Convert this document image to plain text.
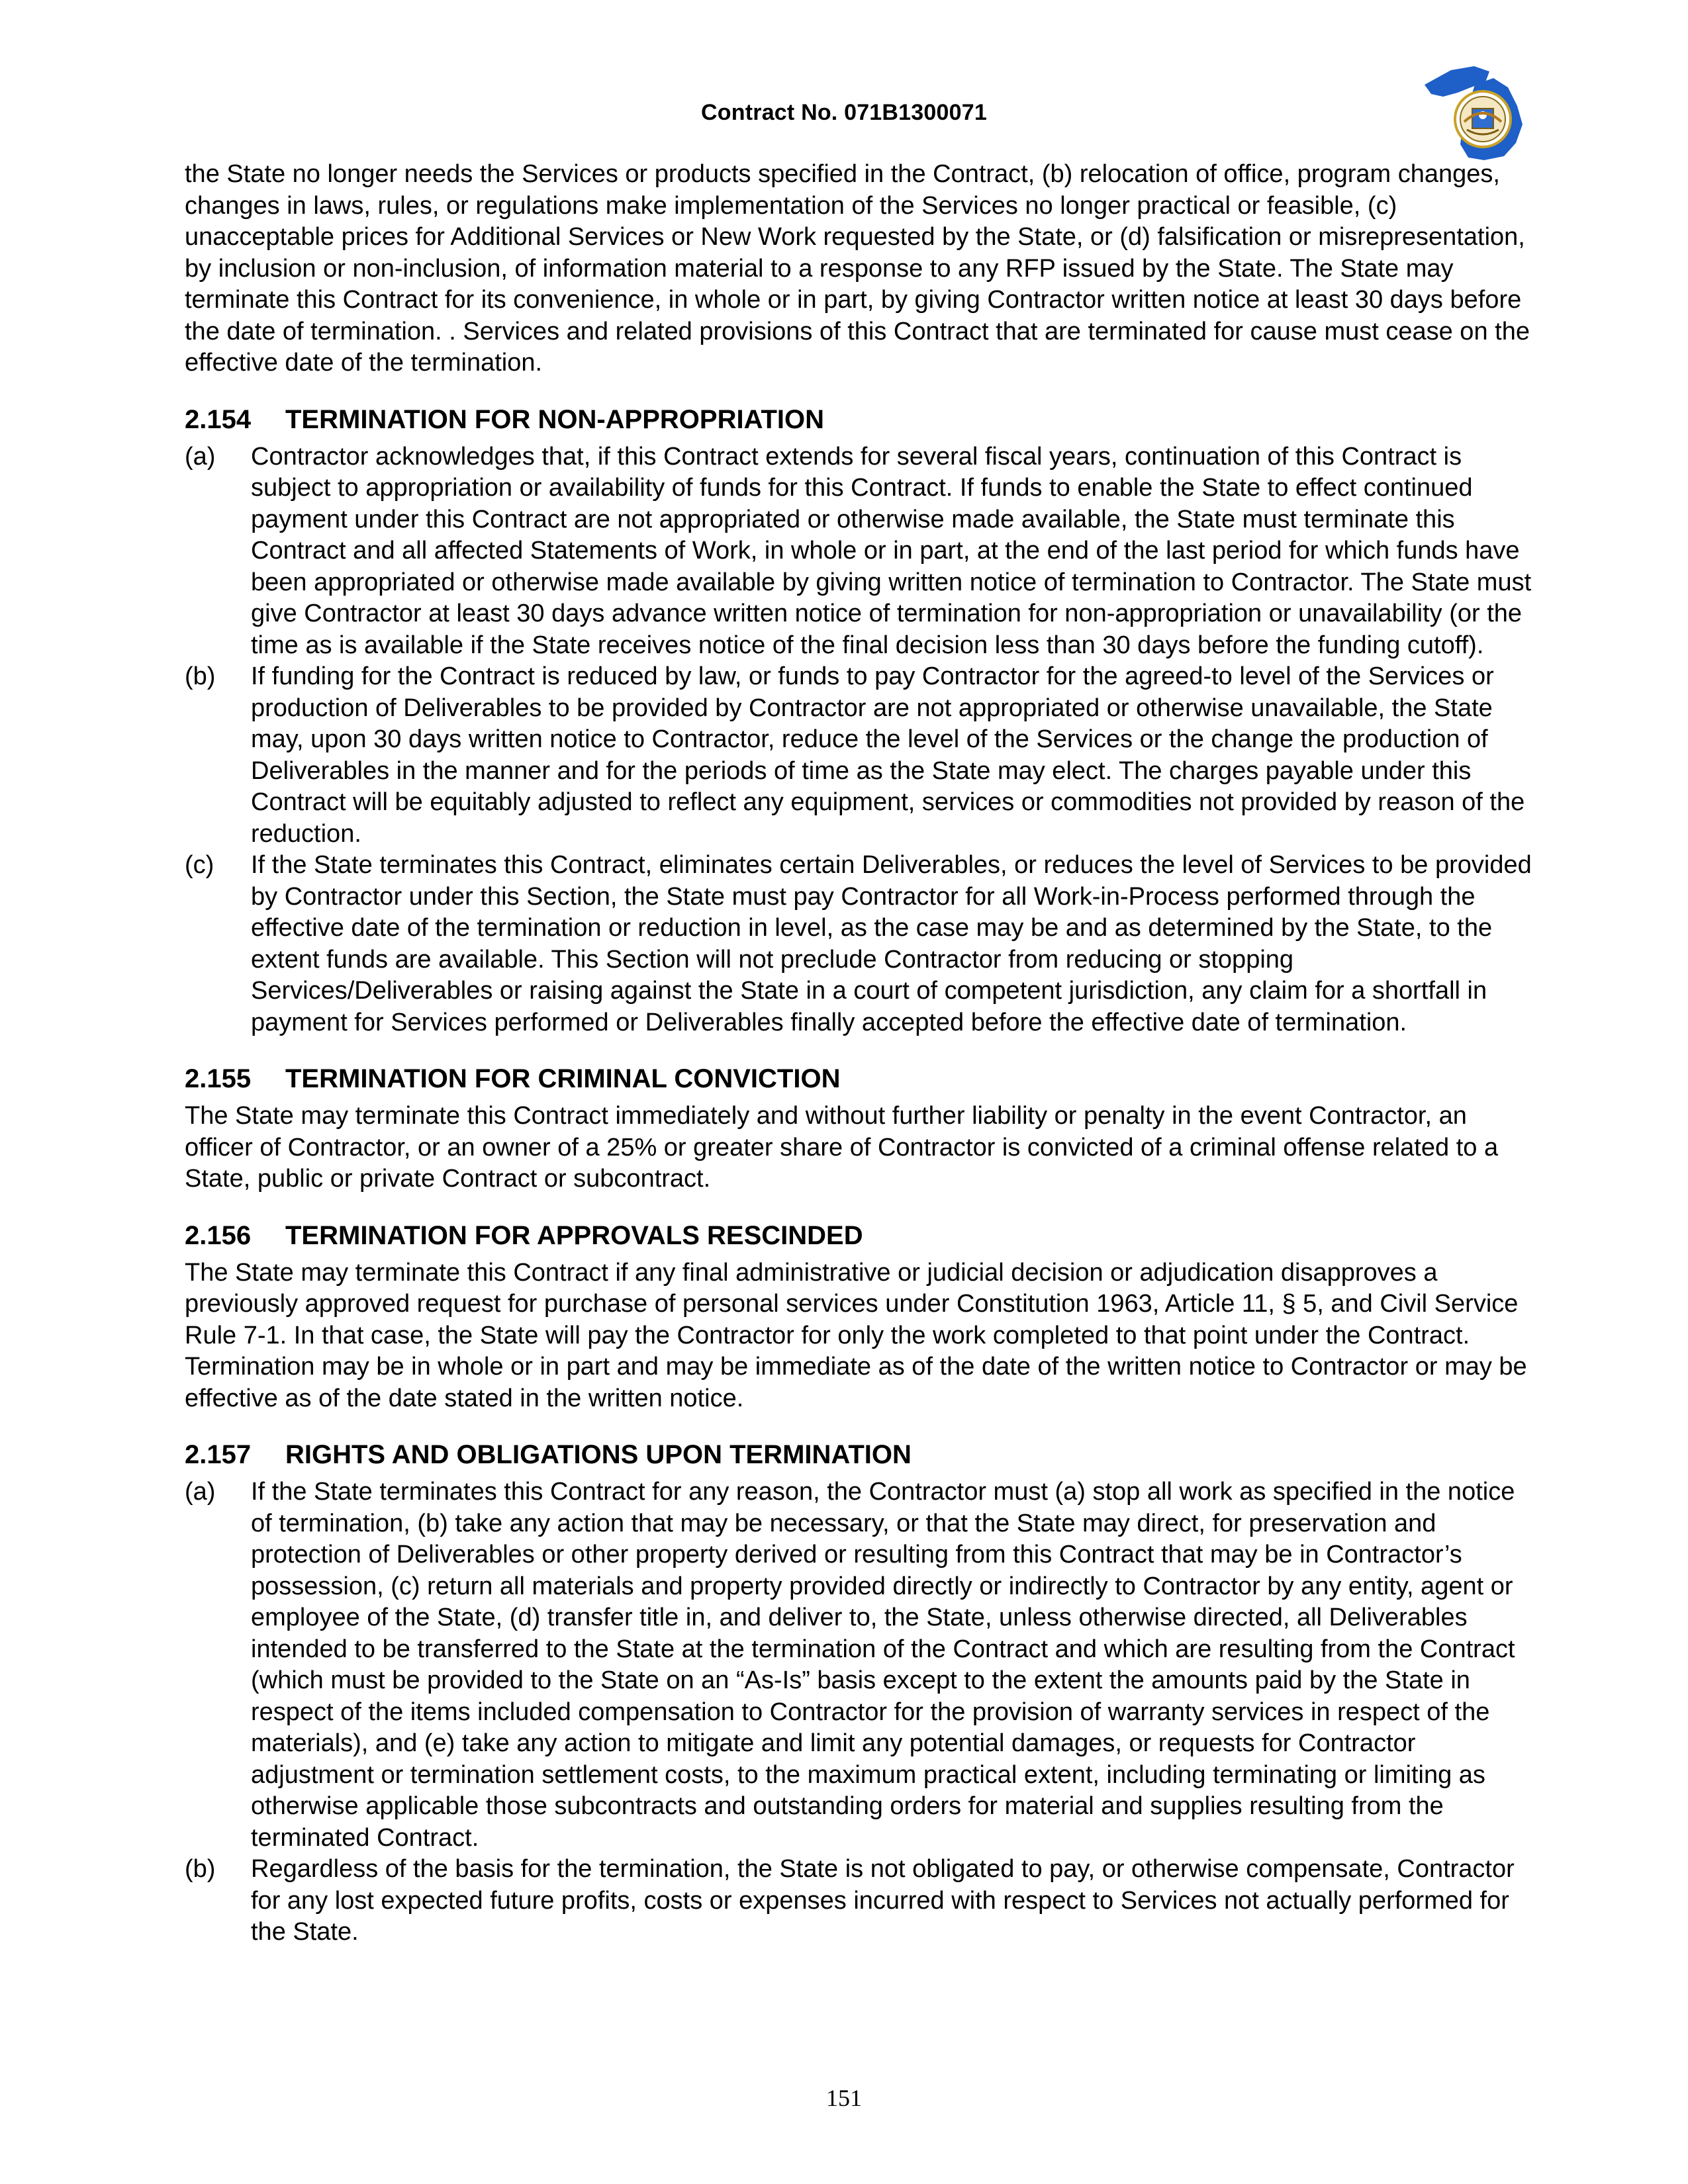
Contract No. 071B1300071

the State no longer needs the Services or products specified in the Contract, (b) relocation of office, program changes, changes in laws, rules, or regulations make implementation of the Services no longer practical or feasible, (c) unacceptable prices for Additional Services or New Work requested by the State, or (d) falsification or misrepresentation, by inclusion or non-inclusion, of information material to a response to any RFP issued by the State. The State may terminate this Contract for its convenience, in whole or in part, by giving Contractor written notice at least 30 days before the date of termination. . Services and related provisions of this Contract that are terminated for cause must cease on the effective date of the termination.

2.154	TERMINATION FOR NON-APPROPRIATION
(a)	Contractor acknowledges that, if this Contract extends for several fiscal years, continuation of this Contract is subject to appropriation or availability of funds for this Contract. If funds to enable the State to effect continued payment under this Contract are not appropriated or otherwise made available, the State must terminate this Contract and all affected Statements of Work, in whole or in part, at the end of the last period for which funds have been appropriated or otherwise made available by giving written notice of termination to Contractor. The State must give Contractor at least 30 days advance written notice of termination for non-appropriation or unavailability (or the time as is available if the State receives notice of the final decision less than 30 days before the funding cutoff).
(b)	If funding for the Contract is reduced by law, or funds to pay Contractor for the agreed-to level of the Services or production of Deliverables to be provided by Contractor are not appropriated or otherwise unavailable, the State may, upon 30 days written notice to Contractor, reduce the level of the Services or the change the production of Deliverables in the manner and for the periods of time as the State may elect. The charges payable under this Contract will be equitably adjusted to reflect any equipment, services or commodities not provided by reason of the reduction.
(c)	If the State terminates this Contract, eliminates certain Deliverables, or reduces the level of Services to be provided by Contractor under this Section, the State must pay Contractor for all Work-in-Process performed through the effective date of the termination or reduction in level, as the case may be and as determined by the State, to the extent funds are available. This Section will not preclude Contractor from reducing or stopping Services/Deliverables or raising against the State in a court of competent jurisdiction, any claim for a shortfall in payment for Services performed or Deliverables finally accepted before the effective date of termination.
2.155	TERMINATION FOR CRIMINAL CONVICTION

The State may terminate this Contract immediately and without further liability or penalty in the event Contractor, an officer of Contractor, or an owner of a 25% or greater share of Contractor is convicted of a criminal offense related to a State, public or private Contract or subcontract.

2.156	TERMINATION FOR APPROVALS RESCINDED

The State may terminate this Contract if any final administrative or judicial decision or adjudication disapproves a previously approved request for purchase of personal services under Constitution 1963, Article 11, § 5, and Civil Service Rule 7-1. In that case, the State will pay the Contractor for only the work completed to that point under the Contract. Termination may be in whole or in part and may be immediate as of the date of the written notice to Contractor or may be effective as of the date stated in the written notice.

2.157	RIGHTS AND OBLIGATIONS UPON TERMINATION
(a)	If the State terminates this Contract for any reason, the Contractor must (a) stop all work as specified in the notice of termination, (b) take any action that may be necessary, or that the State may direct, for preservation and protection of Deliverables or other property derived or resulting from this Contract that may be in Contractor’s possession, (c) return all materials and property provided directly or indirectly to Contractor by any entity, agent or employee of the State, (d) transfer title in, and deliver to, the State, unless otherwise directed, all Deliverables intended to be transferred to the State at the termination of the Contract and which are resulting from the Contract (which must be provided to the State on an “As-Is” basis except to the extent the amounts paid by the State in respect of the items included compensation to Contractor for the provision of warranty services in respect of the materials), and (e) take any action to mitigate and limit any potential damages, or requests for Contractor adjustment or termination settlement costs, to the maximum practical extent, including terminating or limiting as otherwise applicable those subcontracts and outstanding orders for material and supplies resulting from the terminated Contract.
(b)	Regardless of the basis for the termination, the State is not obligated to pay, or otherwise compensate, Contractor for any lost expected future profits, costs or expenses incurred with respect to Services not actually performed for the State.
151
